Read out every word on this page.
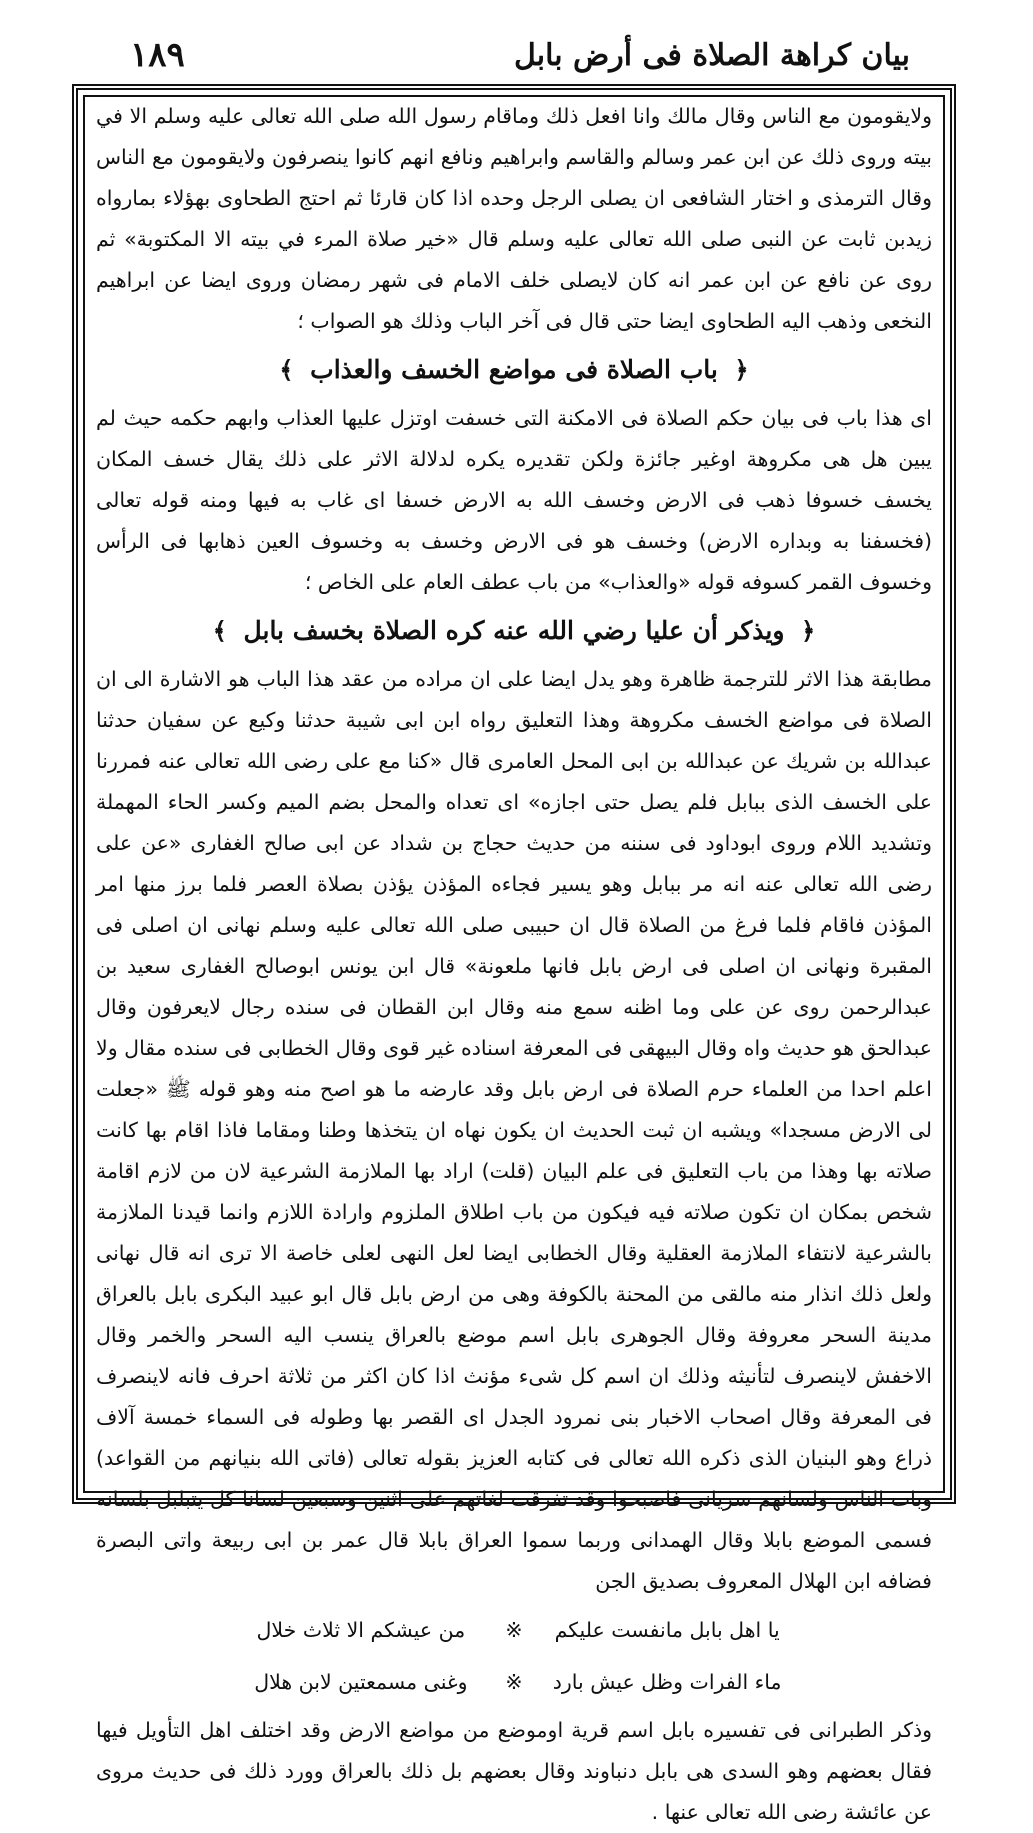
بیان کراهة الصلاة فی أرض بابل
١٨٩

ولايقومون مع الناس وقال مالك وانا افعل ذلك وماقام رسول الله صلى الله تعالى عليه وسلم الا في بيته وروى ذلك عن ابن عمر وسالم والقاسم وابراهيم ونافع انهم كانوا ينصرفون ولايقومون مع الناس وقال الترمذی و اختار الشافعی ان يصلی الرجل وحده اذا كان قارئا ثم احتج الطحاوی بهؤلاء بمارواه زيدبن ثابت عن النبی صلى الله تعالى عليه وسلم قال «خير صلاة المرء في بيته الا المكتوبة» ثم روی عن نافع عن ابن عمر انه كان لايصلی خلف الامام فی شهر رمضان وروی ايضا عن ابراهيم النخعی وذهب اليه الطحاوی ايضا حتی قال فی آخر الباب وذلك هو الصواب ؛

﴿ باب الصلاة فی مواضع الخسف والعذاب ﴾

ای هذا باب فی بيان حكم الصلاة فی الامكنة التی خسفت اوتزل عليها العذاب وابهم حكمه حيث لم يبين هل هی مكروهة اوغير جائزة ولكن تقديره يكره لدلالة الاثر على ذلك يقال خسف المكان يخسف خسوفا ذهب فی الارض وخسف الله به الارض خسفا ای غاب به فيها ومنه قوله تعالى (فخسفنا به وبداره الارض) وخسف هو فی الارض وخسف به وخسوف العين ذهابها فی الرأس وخسوف القمر كسوفه قوله «والعذاب» من باب عطف العام على الخاص ؛

﴿ ويذكر أن عليا رضي الله عنه كره الصلاة بخسف بابل ﴾

مطابقة هذا الاثر للترجمة ظاهرة وهو يدل ايضا على ان مراده من عقد هذا الباب هو الاشارة الى ان الصلاة فی مواضع الخسف مكروهة وهذا التعليق رواه ابن ابی شيبة حدثنا وكيع عن سفيان حدثنا عبدالله بن شريك عن عبدالله بن ابی المحل العامری قال «كنا مع علی رضی الله تعالى عنه فمررنا على الخسف الذی ببابل فلم يصل حتی اجازه» ای تعداه والمحل بضم الميم وكسر الحاء المهملة وتشديد اللام وروی ابوداود فی سننه من حديث حجاج بن شداد عن ابی صالح الغفاری «عن علی رضی الله تعالى عنه انه مر ببابل وهو يسير فجاءه المؤذن يؤذن بصلاة العصر فلما برز منها امر المؤذن فاقام فلما فرغ من الصلاة قال ان حبيبی صلى الله تعالى عليه وسلم نهانی ان اصلی فی المقبرة ونهانی ان اصلی فی ارض بابل فانها ملعونة» قال ابن يونس ابوصالح الغفاری سعيد بن عبدالرحمن روی عن علی وما اظنه سمع منه وقال ابن القطان فی سنده رجال لايعرفون وقال عبدالحق هو حديث واه وقال البيهقی فی المعرفة اسناده غير قوی وقال الخطابی فی سنده مقال ولا اعلم احدا من العلماء حرم الصلاة فی ارض بابل وقد عارضه ما هو اصح منه وهو قوله ﷺ «جعلت لی الارض مسجدا» ويشبه ان ثبت الحديث ان يكون نهاه ان يتخذها وطنا ومقاما فاذا اقام بها كانت صلاته بها وهذا من باب التعليق فی علم البيان (قلت) اراد بها الملازمة الشرعية لان من لازم اقامة شخص بمكان ان تكون صلاته فيه فيكون من باب اطلاق الملزوم وارادة اللازم وانما قيدنا الملازمة بالشرعية لانتفاء الملازمة العقلية وقال الخطابی ايضا لعل النهی لعلی خاصة الا ترى انه قال نهانی ولعل ذلك انذار منه مالقی من المحنة بالكوفة وهی من ارض بابل قال ابو عبيد البكری بابل بالعراق مدينة السحر معروفة وقال الجوهری بابل اسم موضع بالعراق ينسب اليه السحر والخمر وقال الاخفش لاينصرف لتأنيثه وذلك ان اسم كل شیء مؤنث اذا كان اكثر من ثلاثة احرف فانه لاينصرف فی المعرفة وقال اصحاب الاخبار بنی نمرود الجدل ای القصر بها وطوله فی السماء خمسة آلاف ذراع وهو البنيان الذی ذكره الله تعالى فی كتابه العزيز بقوله تعالى (فاتی الله بنيانهم من القواعد) وبات الناس ولسانهم سريانی فاصبحوا وقد تفرقت لغاتهم على اثنين وسبعين لسانا كل يتبلبل بلسانه فسمی الموضع بابلا وقال الهمدانی وربما سموا العراق بابلا قال عمر بن ابی ربيعة واتی البصرة فضافه ابن الهلال المعروف بصديق الجن

يا اهل بابل مانفست عليكم ※ من عيشكم الا ثلاث خلال
ماء الفرات وظل عيش بارد ※ وغنی مسمعتين لابن هلال

وذكر الطبرانی فی تفسيره بابل اسم قرية اوموضع من مواضع الارض وقد اختلف اهل التأويل فيها فقال بعضهم وهو السدی هی بابل دنباوند وقال بعضهم بل ذلك بالعراق وورد ذلك فی حديث مروی عن عائشة رضی الله تعالى عنها .
